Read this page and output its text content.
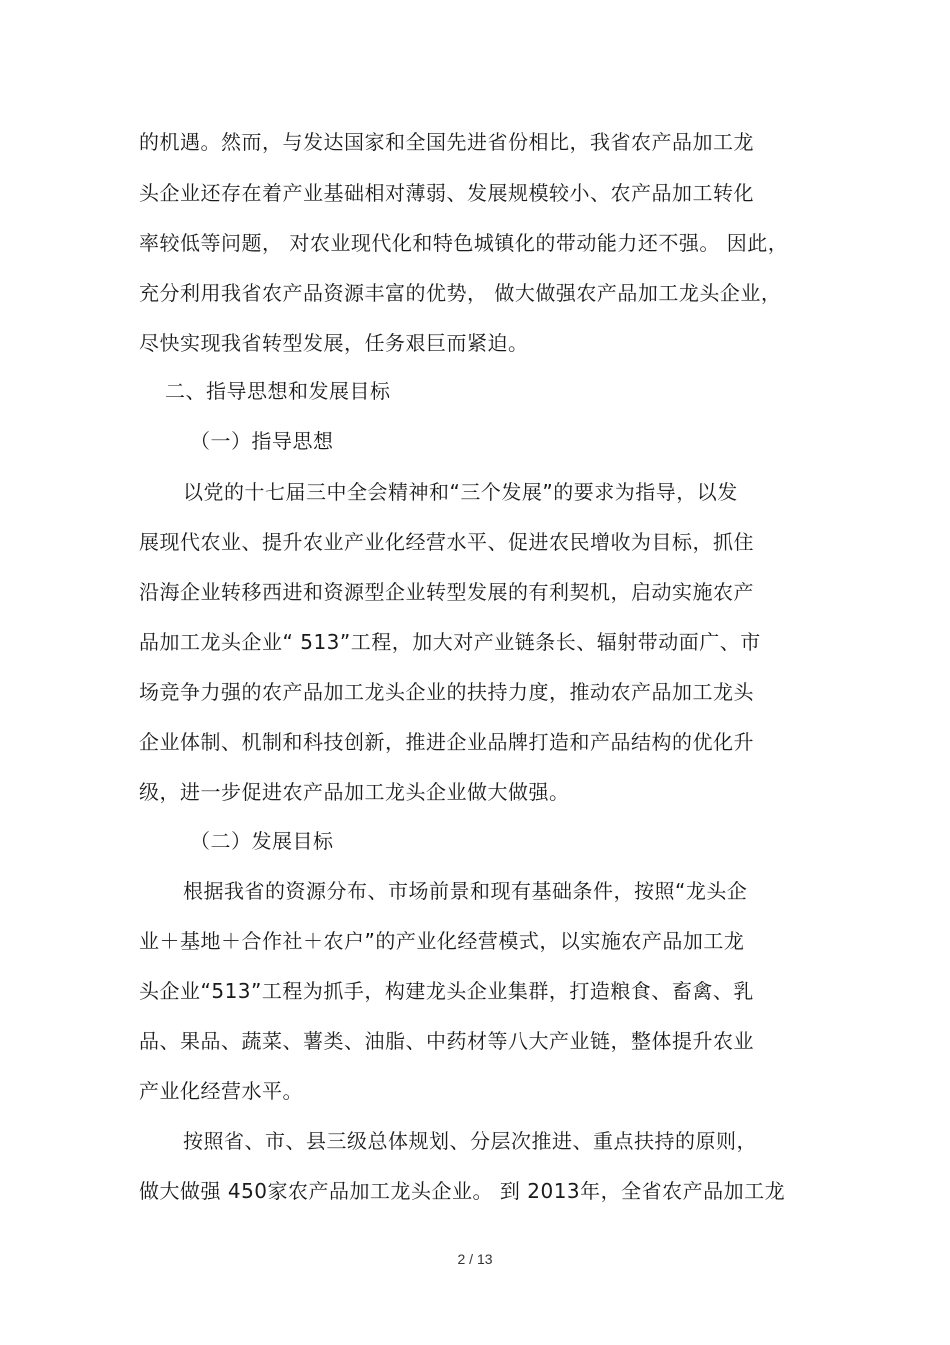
的机遇。然而，与发达国家和全国先进省份相比，我省农产品加工龙
头企业还存在着产业基础相对薄弱、发展规模较小、农产品加工转化
率较低等问题， 对农业现代化和特色城镇化的带动能力还不强。 因此，
充分利用我省农产品资源丰富的优势， 做大做强农产品加工龙头企业，
尽快实现我省转型发展，任务艰巨而紧迫。
二、指导思想和发展目标
（一）指导思想
以党的十七届三中全会精神和“三个发展”的要求为指导，以发
展现代农业、提升农业产业化经营水平、促进农民增收为目标，抓住
沿海企业转移西进和资源型企业转型发展的有利契机，启动实施农产
品加工龙头企业“ 513”工程，加大对产业链条长、辐射带动面广、市
场竞争力强的农产品加工龙头企业的扶持力度，推动农产品加工龙头
企业体制、机制和科技创新，推进企业品牌打造和产品结构的优化升
级，进一步促进农产品加工龙头企业做大做强。
（二）发展目标
根据我省的资源分布、市场前景和现有基础条件，按照“龙头企
业＋基地＋合作社＋农户”的产业化经营模式，以实施农产品加工龙
头企业“513”工程为抓手，构建龙头企业集群，打造粮食、畜禽、乳
品、果品、蔬菜、薯类、油脂、中药材等八大产业链，整体提升农业
产业化经营水平。
按照省、市、县三级总体规划、分层次推进、重点扶持的原则，
做大做强 450家农产品加工龙头企业。 到 2013年，全省农产品加工龙
2 / 13
